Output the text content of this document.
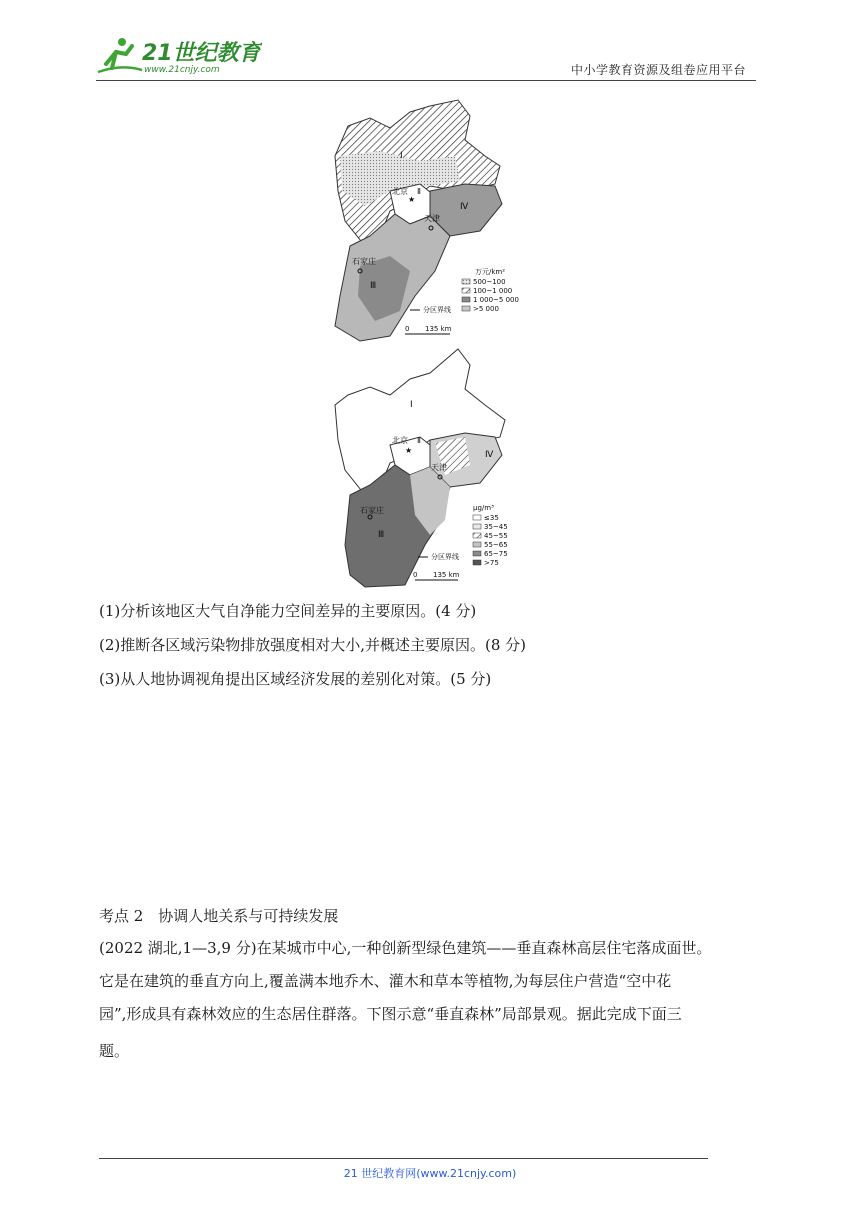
21世纪教育
www.21cnjy.com	中小学教育资源及组卷应用平台
★
北京 Ⅱ
天津
石家庄
Ⅰ
Ⅲ
Ⅳ
万元/km²
500~100
100~1 000
1 000~5 000
>5 000
分区界线
0 135 km
★
北京 Ⅱ
天津
石家庄
Ⅰ
Ⅲ
Ⅳ
μg/m³
≤35
35~45
45~55
55~65
65~75
>75
分区界线
0 135 km
(1)分析该地区大气自净能力空间差异的主要原因。(4 分)
(2)推断各区域污染物排放强度相对大小,并概述主要原因。(8 分)
(3)从人地协调视角提出区域经济发展的差别化对策。(5 分)
考点 2　协调人地关系与可持续发展
(2022 湖北,1—3,9 分)在某城市中心,一种创新型绿色建筑——垂直森林高层住宅落成面世。
它是在建筑的垂直方向上,覆盖满本地乔木、灌木和草本等植物,为每层住户营造“空中花
园”,形成具有森林效应的生态居住群落。下图示意“垂直森林”局部景观。据此完成下面三
题。
21 世纪教育网(www.21cnjy.com)
